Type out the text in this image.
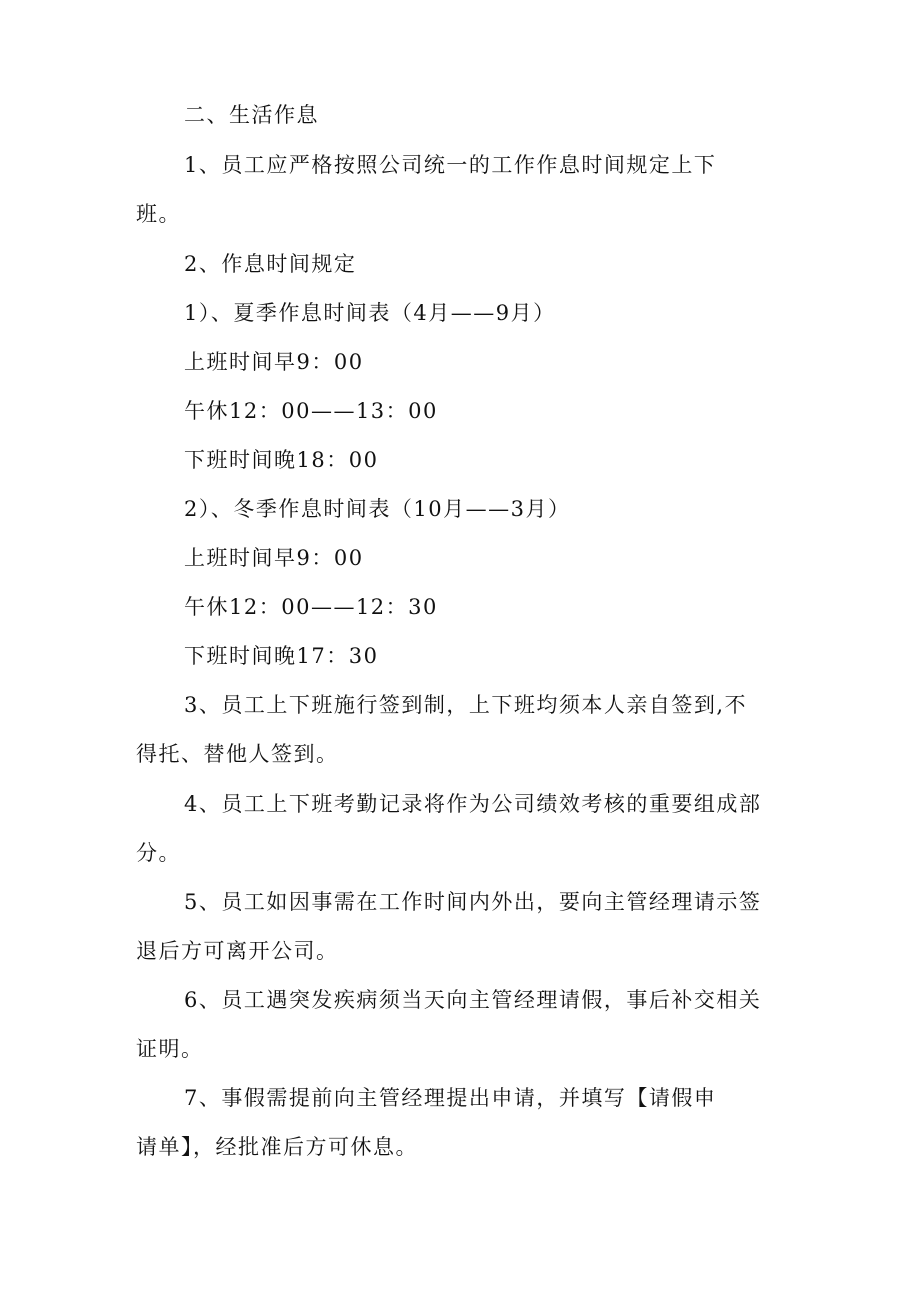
二、生活作息
1、员工应严格按照公司统一的工作作息时间规定上下
班。
2、作息时间规定
1）、夏季作息时间表（4月——9月）
上班时间早9：00
午休12：00——13：00
下班时间晚18：00
2）、冬季作息时间表（10月——3月）
上班时间早9：00
午休12：00——12：30
下班时间晚17：30
3、员工上下班施行签到制，上下班均须本人亲自签到,不
得托、替他人签到。
4、员工上下班考勤记录将作为公司绩效考核的重要组成部
分。
5、员工如因事需在工作时间内外出，要向主管经理请示签
退后方可离开公司。
6、员工遇突发疾病须当天向主管经理请假，事后补交相关
证明。
7、事假需提前向主管经理提出申请，并填写【请假申
请单】，经批准后方可休息。
